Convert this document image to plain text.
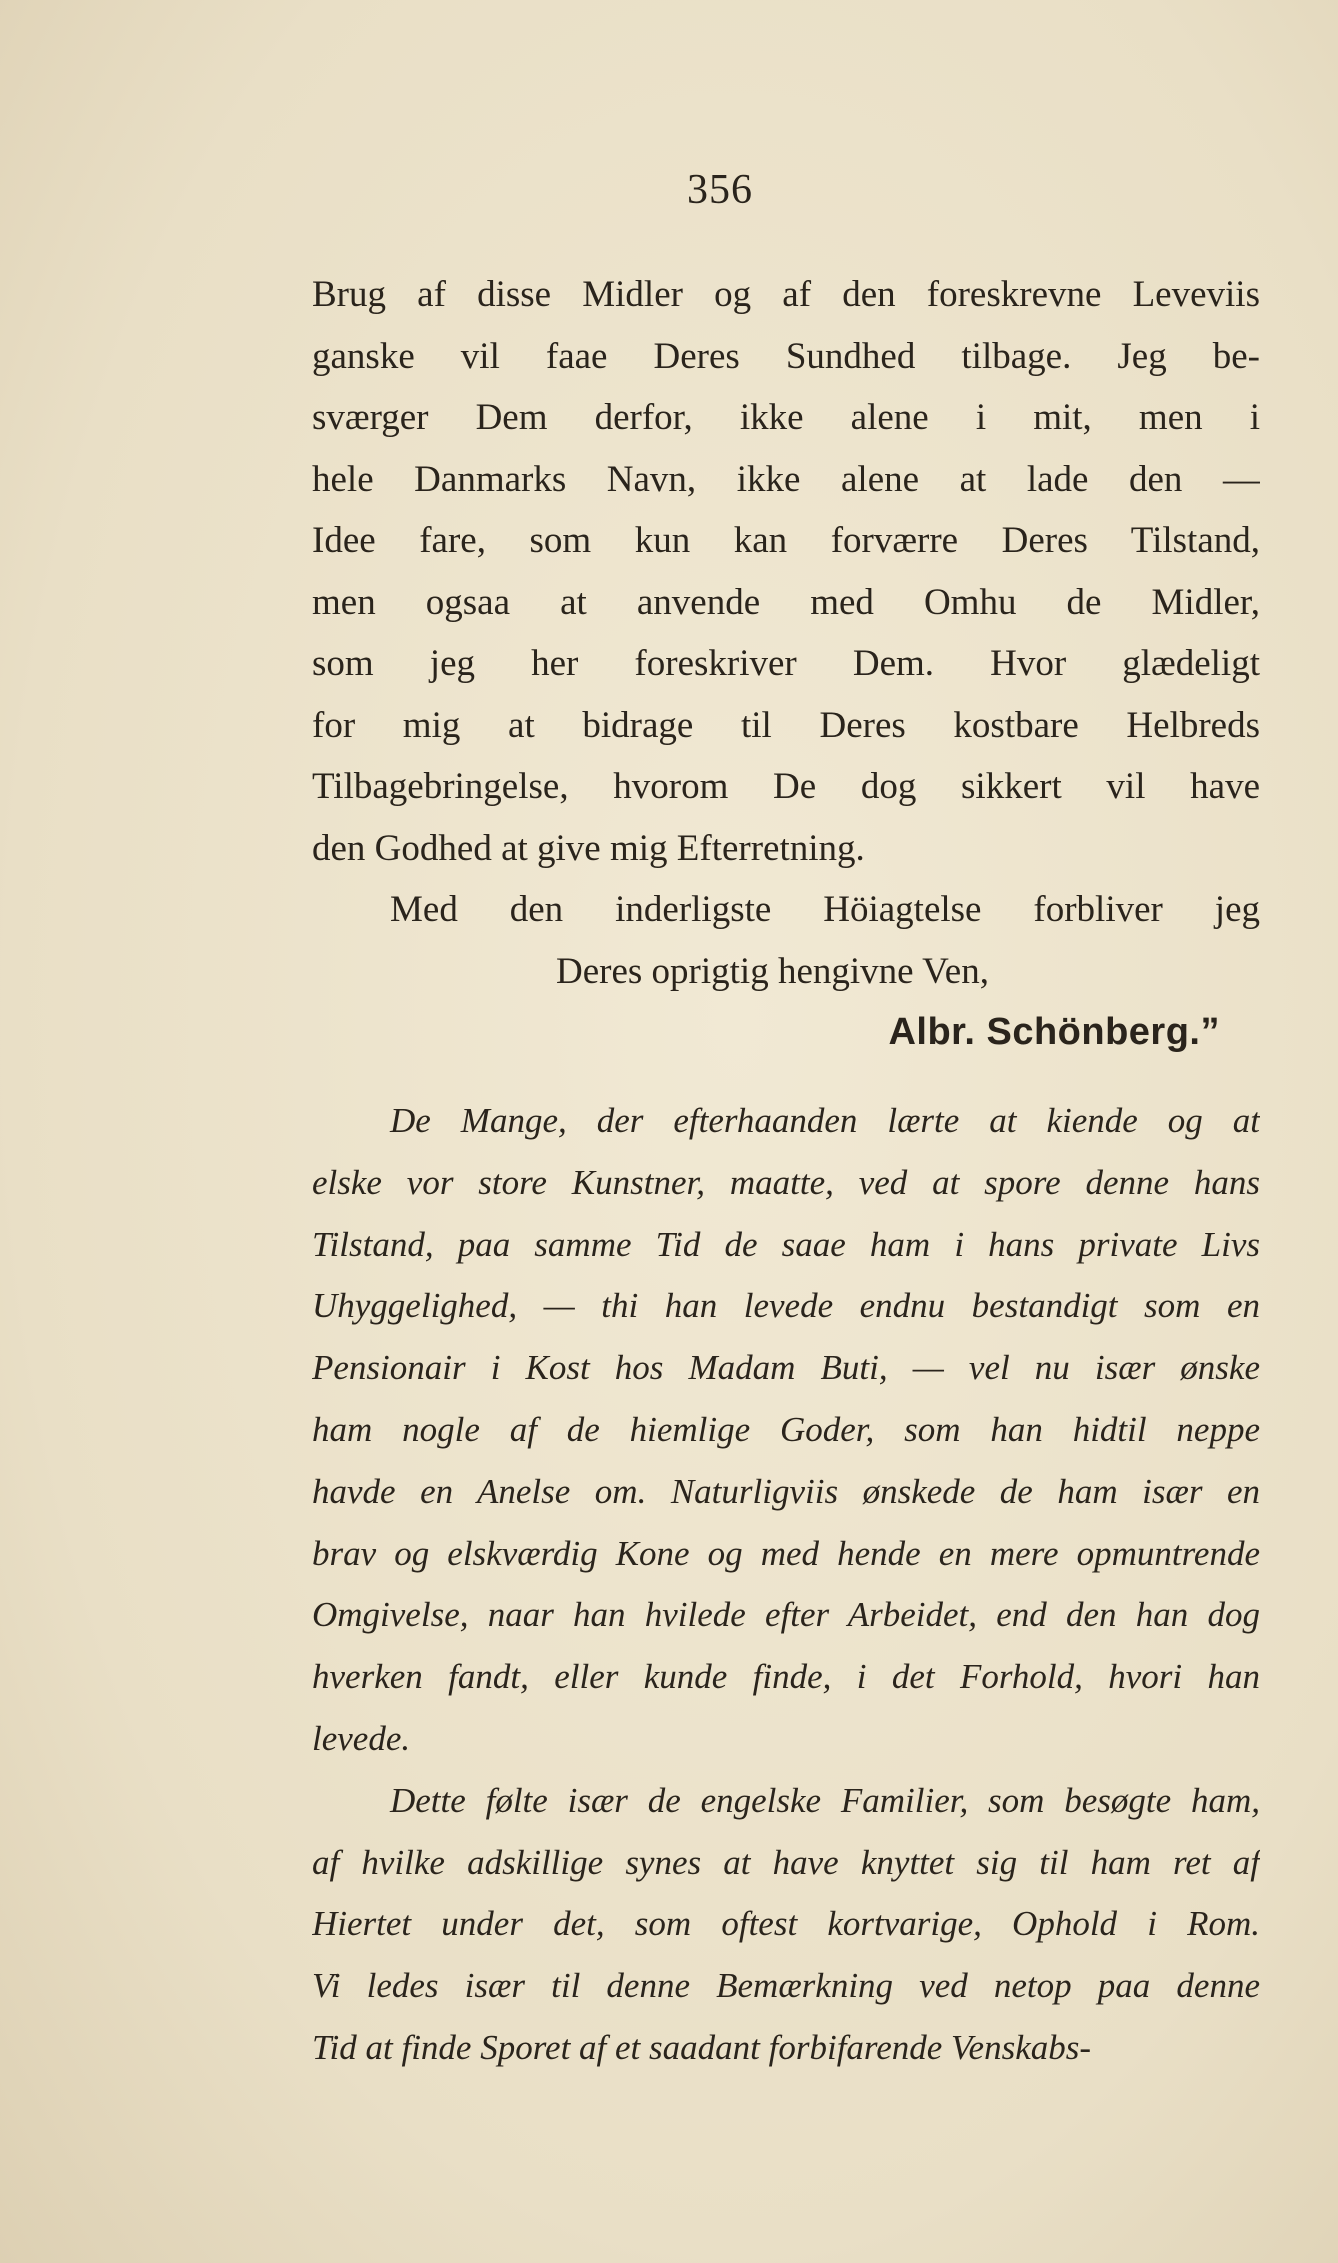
356
Brug af disse Midler og af den foreskrevne Leveviis
ganske vil faae Deres Sundhed tilbage. Jeg be-
sværger Dem derfor, ikke alene i mit, men i
hele Danmarks Navn, ikke alene at lade den —
Idee fare, som kun kan forværre Deres Tilstand,
men ogsaa at anvende med Omhu de Midler,
som jeg her foreskriver Dem. Hvor glædeligt
for mig at bidrage til Deres kostbare Helbreds
Tilbagebringelse, hvorom De dog sikkert vil have
den Godhed at give mig Efterretning.
Med den inderligste Höiagtelse forbliver jeg
Deres oprigtig hengivne Ven,
Albr. Schönberg.”
De Mange, der efterhaanden lærte at kiende og at
elske vor store Kunstner, maatte, ved at spore denne hans
Tilstand, paa samme Tid de saae ham i hans private Livs
Uhyggelighed, — thi han levede endnu bestandigt som en
Pensionair i Kost hos Madam Buti, — vel nu især ønske
ham nogle af de hiemlige Goder, som han hidtil neppe
havde en Anelse om. Naturligviis ønskede de ham især en
brav og elskværdig Kone og med hende en mere opmuntrende
Omgivelse, naar han hvilede efter Arbeidet, end den han dog
hverken fandt, eller kunde finde, i det Forhold, hvori han
levede.
Dette følte især de engelske Familier, som besøgte ham,
af hvilke adskillige synes at have knyttet sig til ham ret af
Hiertet under det, som oftest kortvarige, Ophold i Rom.
Vi ledes især til denne Bemærkning ved netop paa denne
Tid at finde Sporet af et saadant forbifarende Venskabs-
